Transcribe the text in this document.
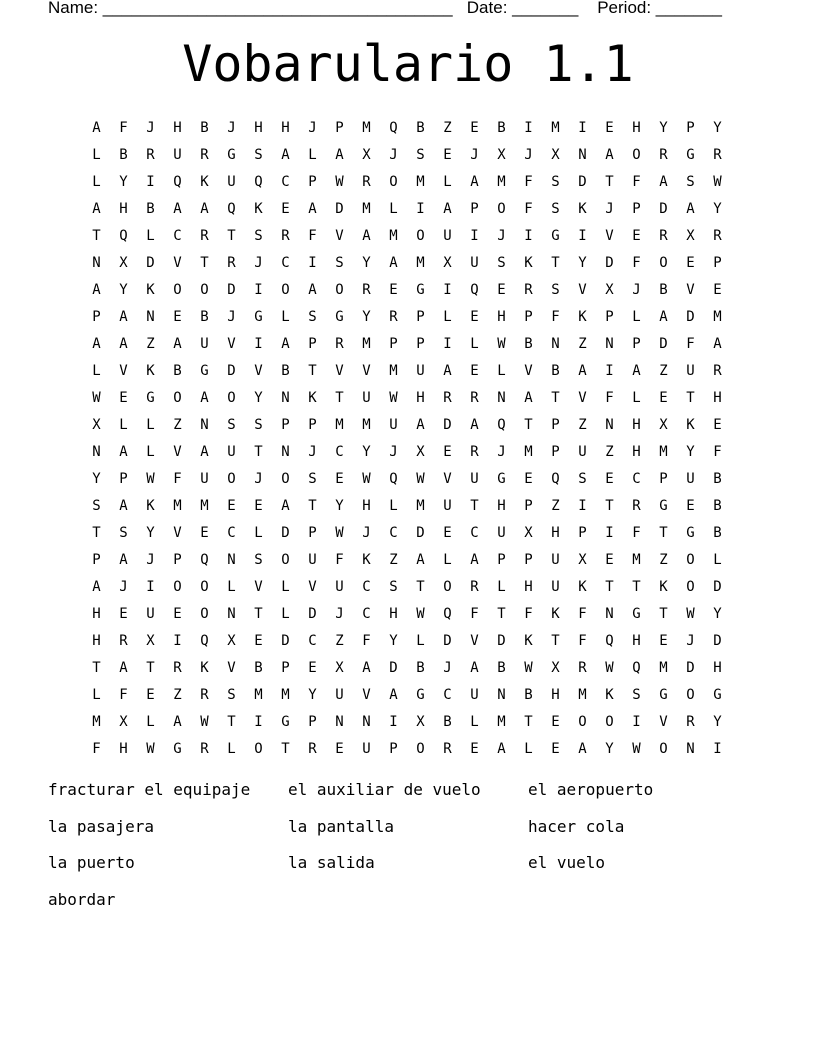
Name: _____________________________________   Date: _______    Period: _______
Vobarulario 1.1
A	F	J	H	B	J	H	H	J	P	M	Q	B	Z	E	B	I	M	I	E	H	Y	P	Y
L	B	R	U	R	G	S	A	L	A	X	J	S	E	J	X	J	X	N	A	O	R	G	R
L	Y	I	Q	K	U	Q	C	P	W	R	O	M	L	A	M	F	S	D	T	F	A	S	W
A	H	B	A	A	Q	K	E	A	D	M	L	I	A	P	O	F	S	K	J	P	D	A	Y
T	Q	L	C	R	T	S	R	F	V	A	M	O	U	I	J	I	G	I	V	E	R	X	R
N	X	D	V	T	R	J	C	I	S	Y	A	M	X	U	S	K	T	Y	D	F	O	E	P
A	Y	K	O	O	D	I	O	A	O	R	E	G	I	Q	E	R	S	V	X	J	B	V	E
P	A	N	E	B	J	G	L	S	G	Y	R	P	L	E	H	P	F	K	P	L	A	D	M
A	A	Z	A	U	V	I	A	P	R	M	P	P	I	L	W	B	N	Z	N	P	D	F	A
L	V	K	B	G	D	V	B	T	V	V	M	U	A	E	L	V	B	A	I	A	Z	U	R
W	E	G	O	A	O	Y	N	K	T	U	W	H	R	R	N	A	T	V	F	L	E	T	H
X	L	L	Z	N	S	S	P	P	M	M	U	A	D	A	Q	T	P	Z	N	H	X	K	E
N	A	L	V	A	U	T	N	J	C	Y	J	X	E	R	J	M	P	U	Z	H	M	Y	F
Y	P	W	F	U	O	J	O	S	E	W	Q	W	V	U	G	E	Q	S	E	C	P	U	B
S	A	K	M	M	E	E	A	T	Y	H	L	M	U	T	H	P	Z	I	T	R	G	E	B
T	S	Y	V	E	C	L	D	P	W	J	C	D	E	C	U	X	H	P	I	F	T	G	B
P	A	J	P	Q	N	S	O	U	F	K	Z	A	L	A	P	P	U	X	E	M	Z	O	L
A	J	I	O	O	L	V	L	V	U	C	S	T	O	R	L	H	U	K	T	T	K	O	D
H	E	U	E	O	N	T	L	D	J	C	H	W	Q	F	T	F	K	F	N	G	T	W	Y
H	R	X	I	Q	X	E	D	C	Z	F	Y	L	D	V	D	K	T	F	Q	H	E	J	D
T	A	T	R	K	V	B	P	E	X	A	D	B	J	A	B	W	X	R	W	Q	M	D	H
L	F	E	Z	R	S	M	M	Y	U	V	A	G	C	U	N	B	H	M	K	S	G	O	G
M	X	L	A	W	T	I	G	P	N	N	I	X	B	L	M	T	E	O	O	I	V	R	Y
F	H	W	G	R	L	O	T	R	E	U	P	O	R	E	A	L	E	A	Y	W	O	N	I
fracturar el equipaje	el auxiliar de vuelo	el aeropuerto
la pasajera	la pantalla	hacer cola
la puerto	la salida	el vuelo
abordar
